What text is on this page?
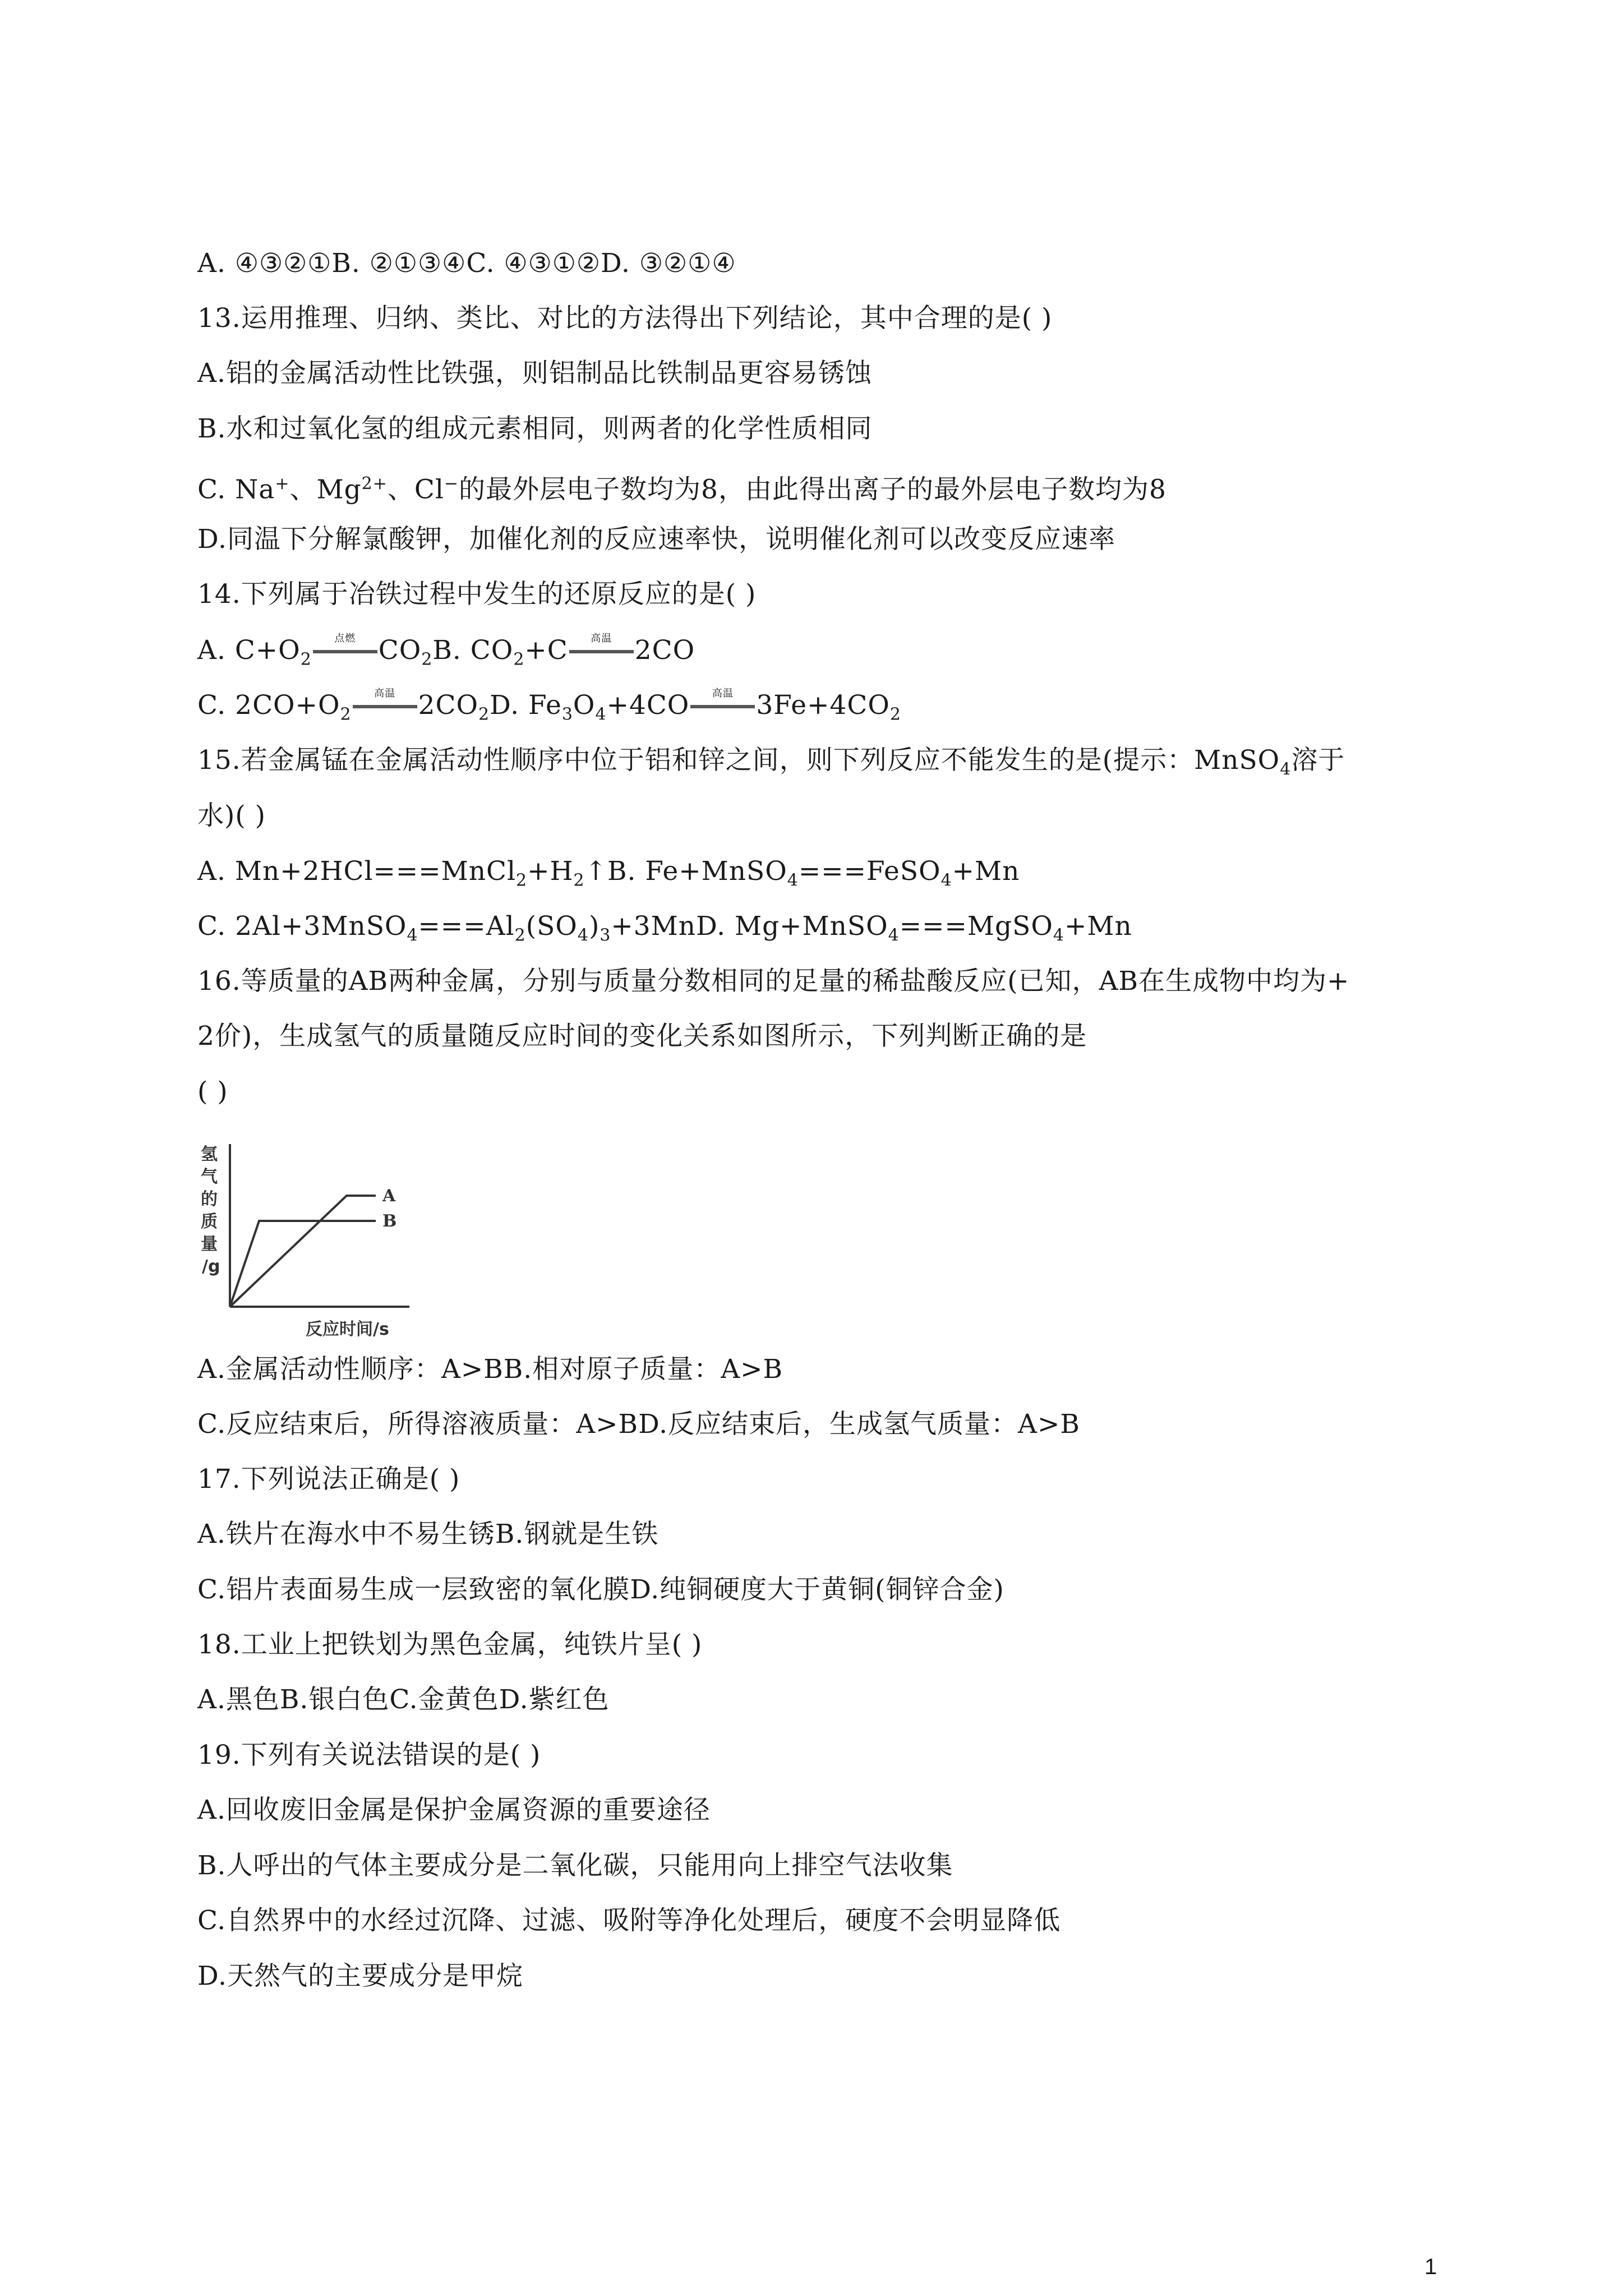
A. ④③②①B. ②①③④C. ④③①②D. ③②①④
13.运用推理、归纳、类比、对比的方法得出下列结论，其中合理的是( )
A.铝的金属活动性比铁强，则铝制品比铁制品更容易锈蚀
B.水和过氧化氢的组成元素相同，则两者的化学性质相同
C. Na+、$Mg^{2+}$、Cl−的最外层电子数均为8，由此得出离子的最外层电子数均为8
D.同温下分解氯酸钾，加催化剂的反应速率快，说明催化剂可以改变反应速率
14.下列属于冶铁过程中发生的还原反应的是( )
A. $C+O_2$
点燃 $CO_2B$. $CO_2+C$	高温 2CO
C. $2CO+O_2$
高温 $2CO_2D$. $Fe_3O_4+4CO$	高温 $3Fe+4CO_2$
15.若金属锰在金属活动性顺序中位于铝和锌之间，则下列反应不能发生的是(提示：MnSO$_4$溶于
水)( )
A. $Mn+2HCl===MnCl_2+H_2↑B$. Fe+MnSO$_4$===FeSO$_4$+Mn
C. $2Al+3MnSO_4===Al_2(SO_4)_3+3MnD$. Mg+MnSO$_4$===MgSO$_4$+Mn
16.等质量的AB两种金属，分别与质量分数相同的足量的稀盐酸反应(已知，AB在生成物中均为+
2价)，生成氢气的质量随反应时间的变化关系如图所示，下列判断正确的是
( )
氢 气 的 质 量 /g
反应时间/s
A
B
1
A.金属活动性顺序：A>BB.相对原子质量：A>B
C.反应结束后，所得溶液质量：A>BD.反应结束后，生成氢气质量：A>B
17.下列说法正确是( )
A.铁片在海水中不易生锈B.钢就是生铁
C.铝片表面易生成一层致密的氧化膜D.纯铜硬度大于黄铜(铜锌合金)
18.工业上把铁划为黑色金属，纯铁片呈( )
A.黑色B.银白色C.金黄色D.紫红色
19.下列有关说法错误的是( )
A.回收废旧金属是保护金属资源的重要途径
B.人呼出的气体主要成分是二氧化碳，只能用向上排空气法收集
C.自然界中的水经过沉降、过滤、吸附等净化处理后，硬度不会明显降低
D.天然气的主要成分是甲烷
